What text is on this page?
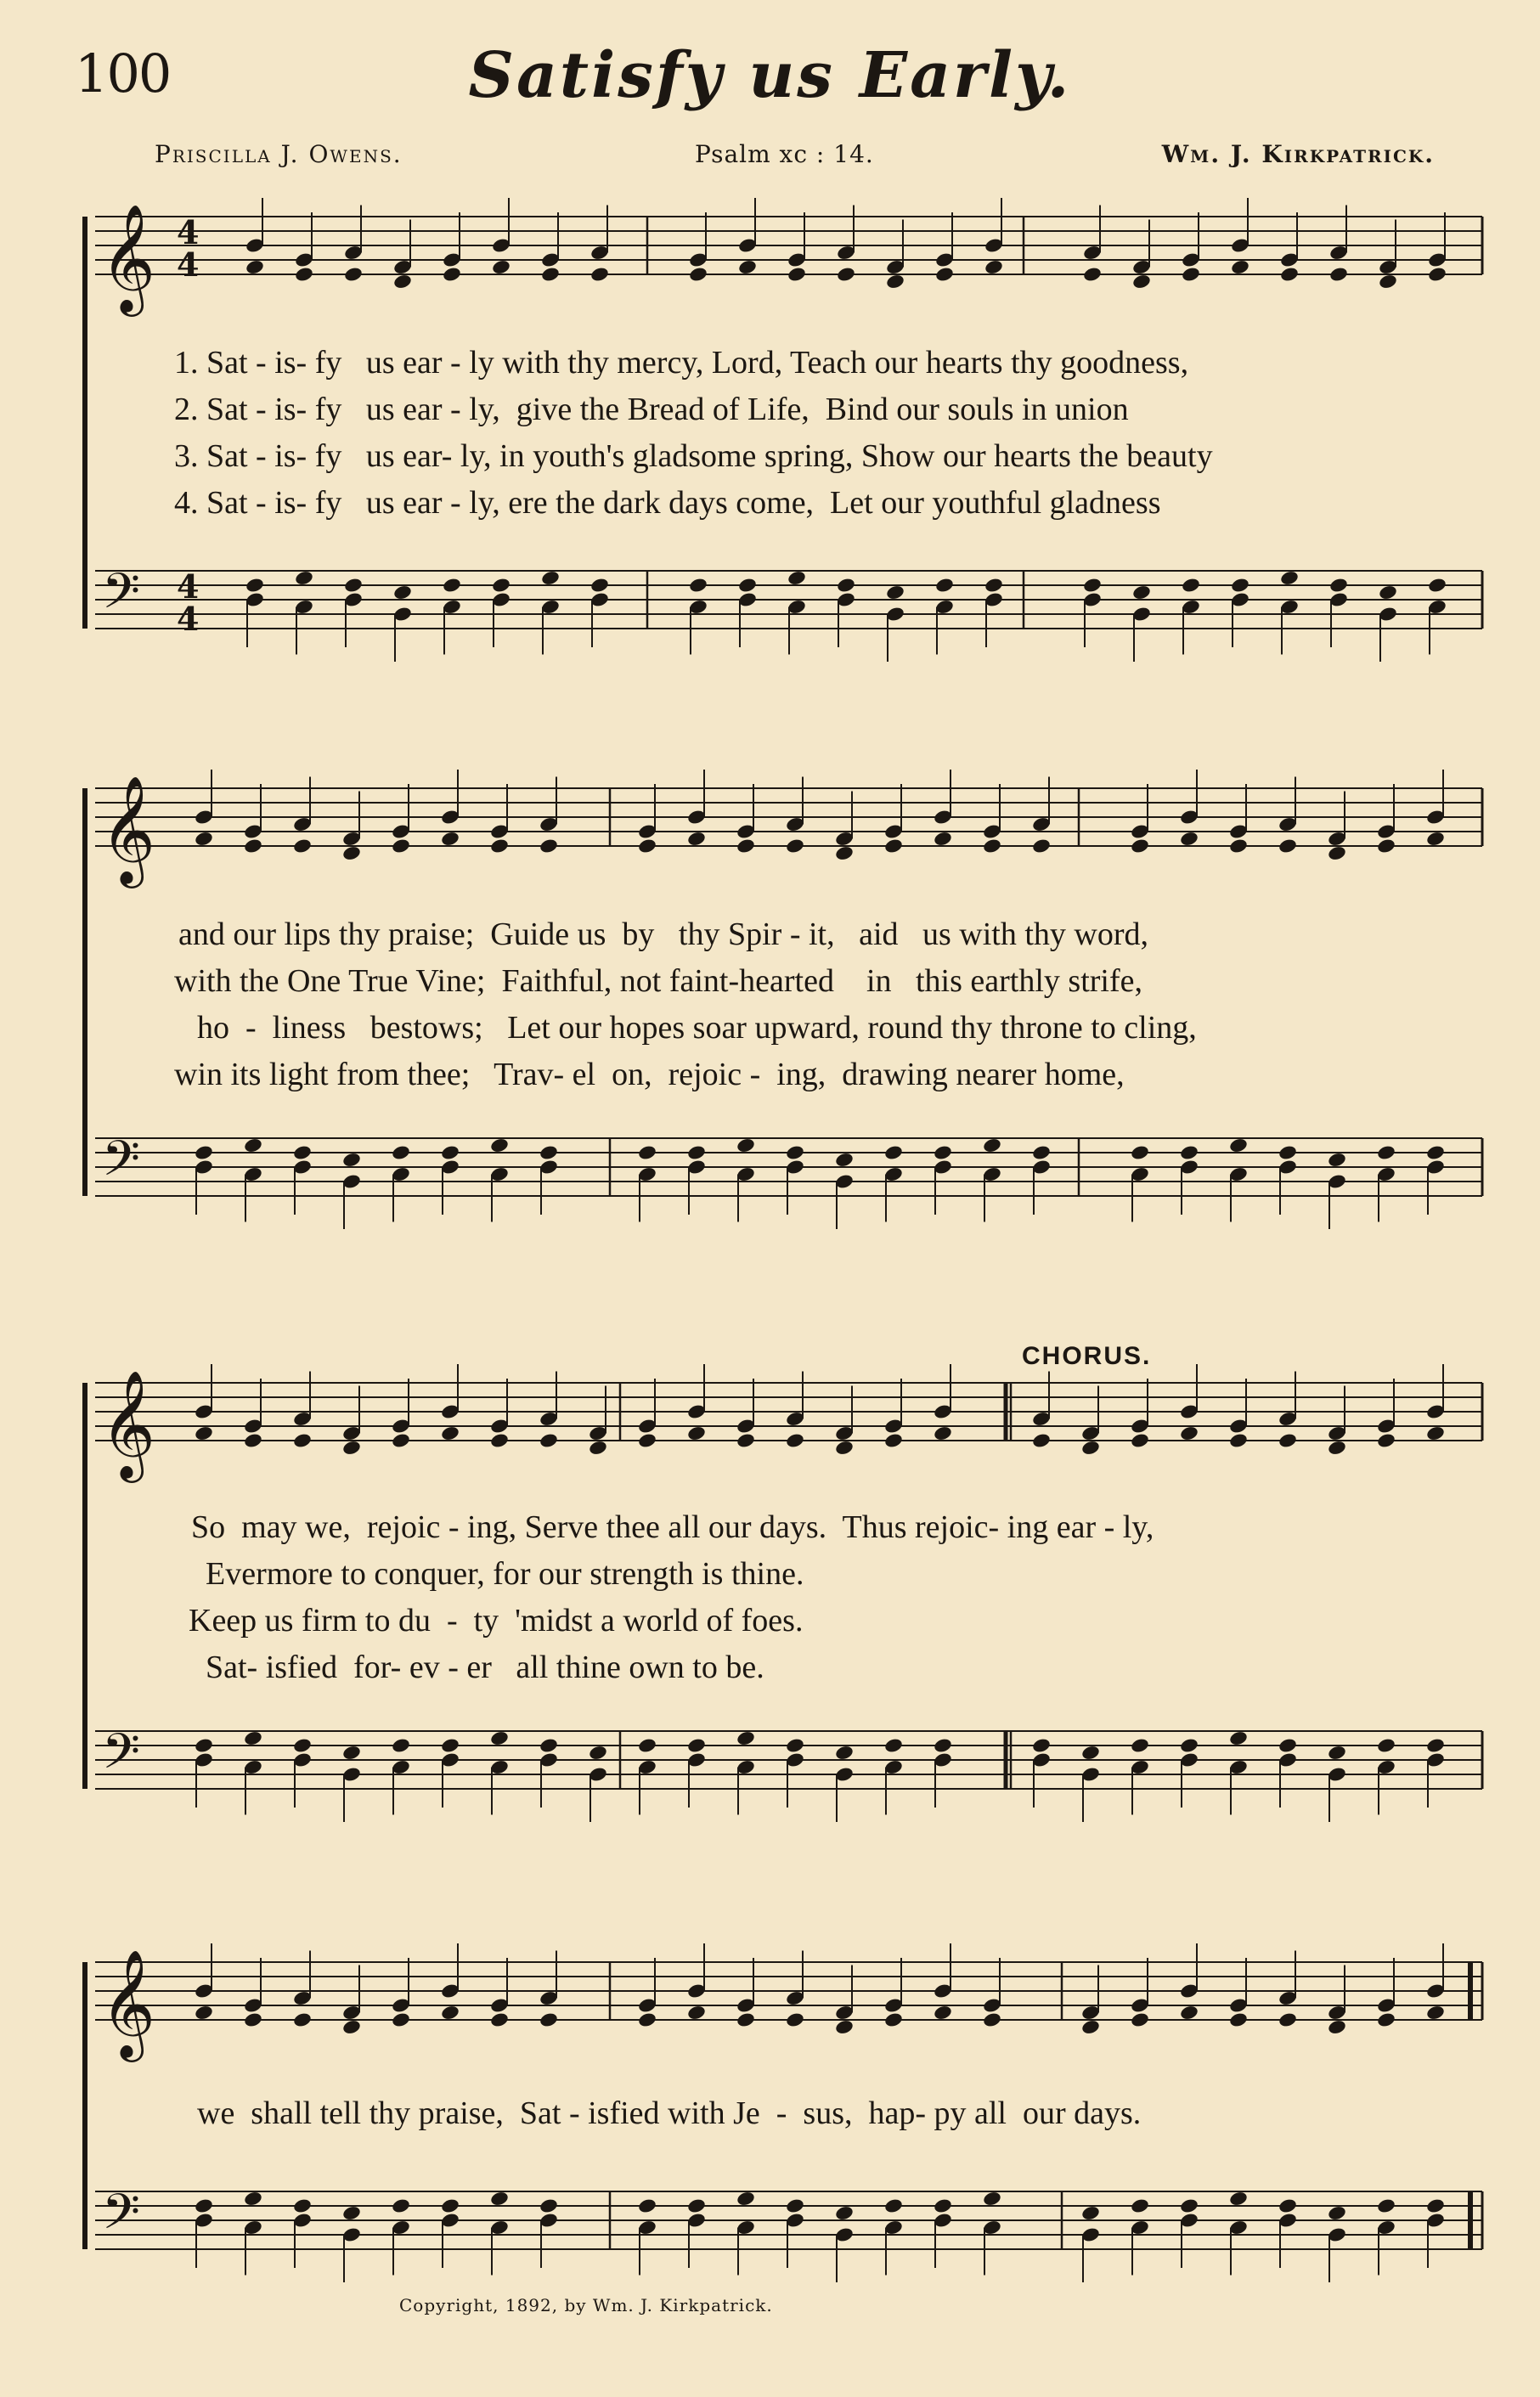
𝄞 4
4
𝄢 4
4
𝄞
𝄢
𝄞
𝄢
𝄞
𝄢
100	Satisfy us Early.
Priscilla J. Owens.	Psalm xc : 14.	Wm. J. Kirkpatrick.
1. Sat - is- fy   us ear - ly with thy mercy, Lord, Teach our hearts thy goodness,
2. Sat - is- fy   us ear - ly,  give the Bread of Life,  Bind our souls in union
3. Sat - is- fy   us ear- ly, in youth's gladsome spring, Show our hearts the beauty
4. Sat - is- fy   us ear - ly, ere the dark days come,  Let our youthful gladness
and our lips thy praise;  Guide us  by   thy Spir - it,   aid   us with thy word,
with the One True Vine;  Faithful, not faint-hearted    in   this earthly strife,
ho  -  liness   bestows;   Let our hopes soar upward, round thy throne to cling,
win its light from thee;   Trav- el  on,  rejoic -  ing,  drawing nearer home,
CHORUS.
So  may we,  rejoic - ing, Serve thee all our days.  Thus rejoic- ing ear - ly,
Evermore to conquer, for our strength is thine.
Keep us firm to du  -  ty  'midst a world of foes.
Sat- isfied  for- ev - er   all thine own to be.
we  shall tell thy praise,  Sat - isfied with Je  -  sus,  hap- py all  our days.
Copyright, 1892, by Wm. J. Kirkpatrick.
